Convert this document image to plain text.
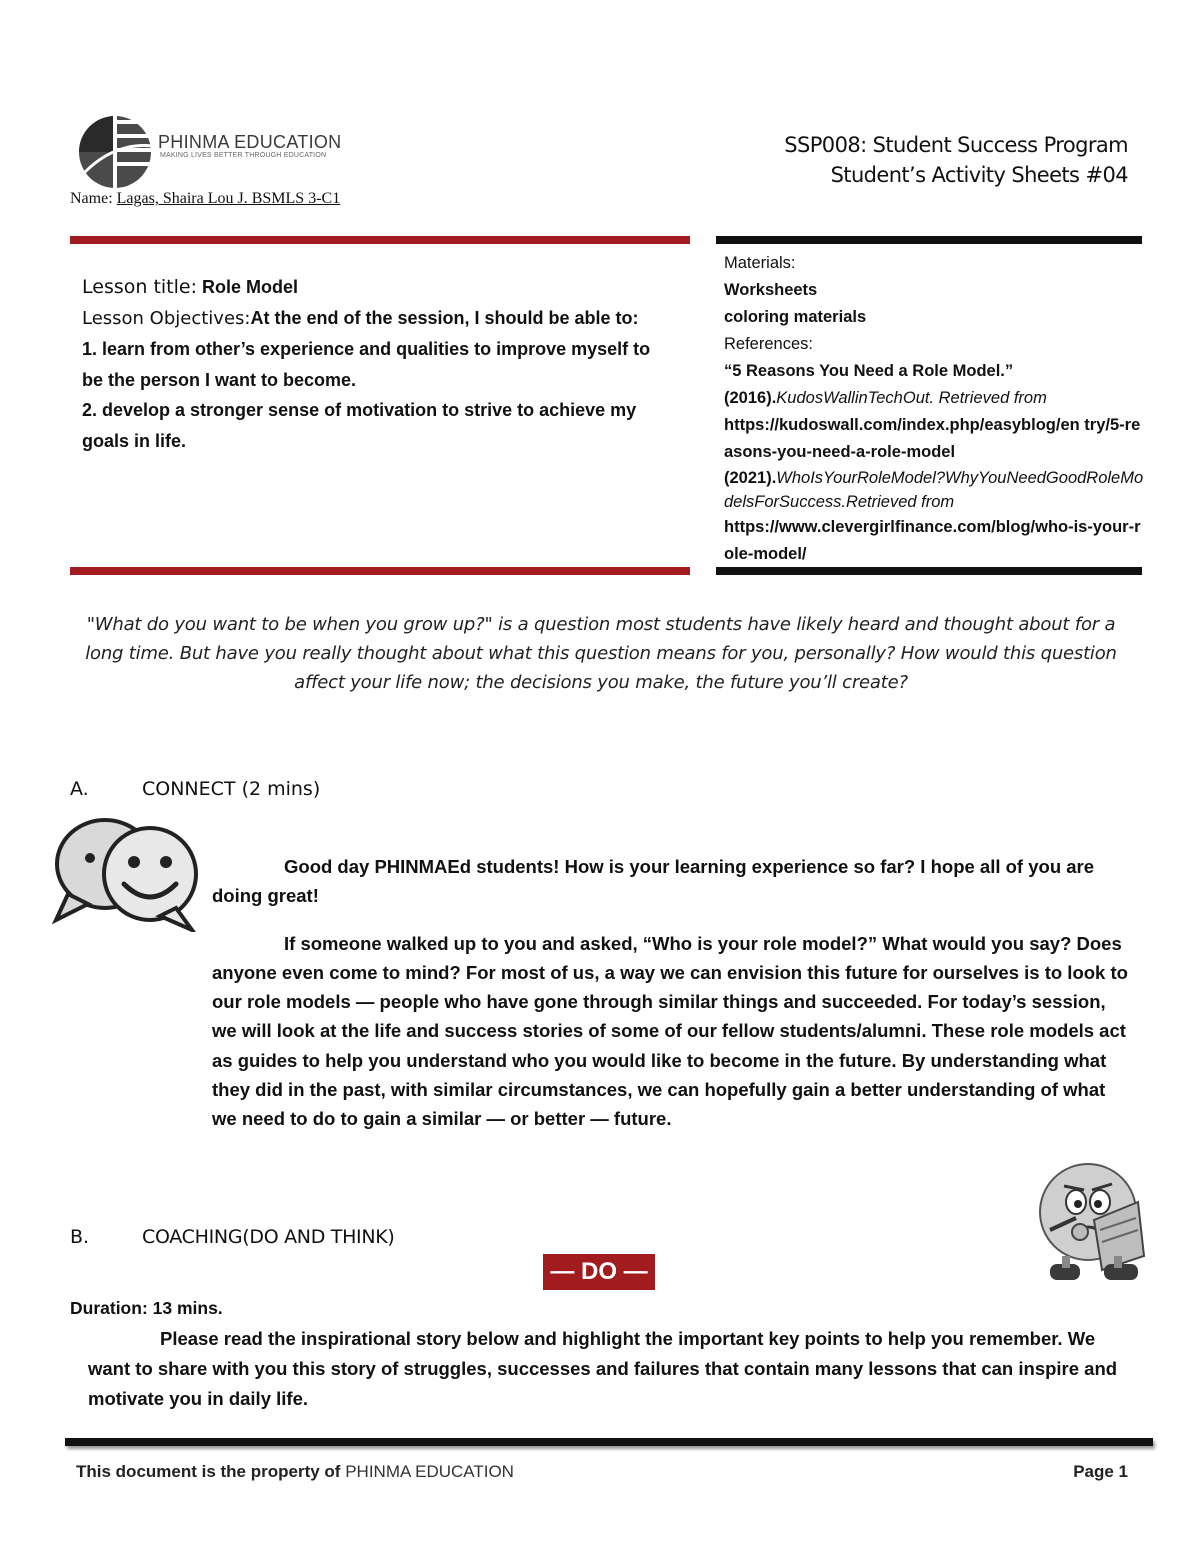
PHINMA EDUCATION
MAKING LIVES BETTER THROUGH EDUCATION
Name: Lagas, Shaira Lou J. BSMLS 3-C1
SSP008: Student Success Program
Student’s Activity Sheets #04
Lesson title: Role Model
Lesson Objectives:At the end of the session, I should be able to:
1. learn from other’s experience and qualities to improve myself to be the person I want to become.
2. develop a stronger sense of motivation to strive to achieve my goals in life.
Materials:
Worksheets
coloring materials
References:
“5 Reasons You Need a Role Model.”
(2016).KudosWallinTechOut. Retrieved from
https://kudoswall.com/index.php/easyblog/en try/5-reasons-you-need-a-role-model
(2021).WhoIsYourRoleModel?WhyYouNeedGoodRoleModelsForSuccess.Retrieved from
https://www.clevergirlfinance.com/blog/who-is-your-role-model/
"What do you want to be when you grow up?" is a question most students have likely heard and thought about for a long time. But have you really thought about what this question means for you, personally? How would this question affect your life now; the decisions you make, the future you’ll create?
A.	CONNECT (2 mins)

Good day PHINMAEd students! How is your learning experience so far? I hope all of you are doing great!

If someone walked up to you and asked, “Who is your role model?” What would you say? Does anyone even come to mind? For most of us, a way we can envision this future for ourselves is to look to our role models — people who have gone through similar things and succeeded. For today’s session, we will look at the life and success stories of some of our fellow students/alumni. These role models act as guides to help you understand who you would like to become in the future. By understanding what they did in the past, with similar circumstances, we can hopefully gain a better understanding of what we need to do to gain a similar — or better — future.

B.	COACHING(DO AND THINK)
— DO —
Duration: 13 mins.
Please read the inspirational story below and highlight the important key points to help you remember. We want to share with you this story of struggles, successes and failures that contain many lessons that can inspire and motivate you in daily life.
This document is the property of PHINMA EDUCATION	Page 1
